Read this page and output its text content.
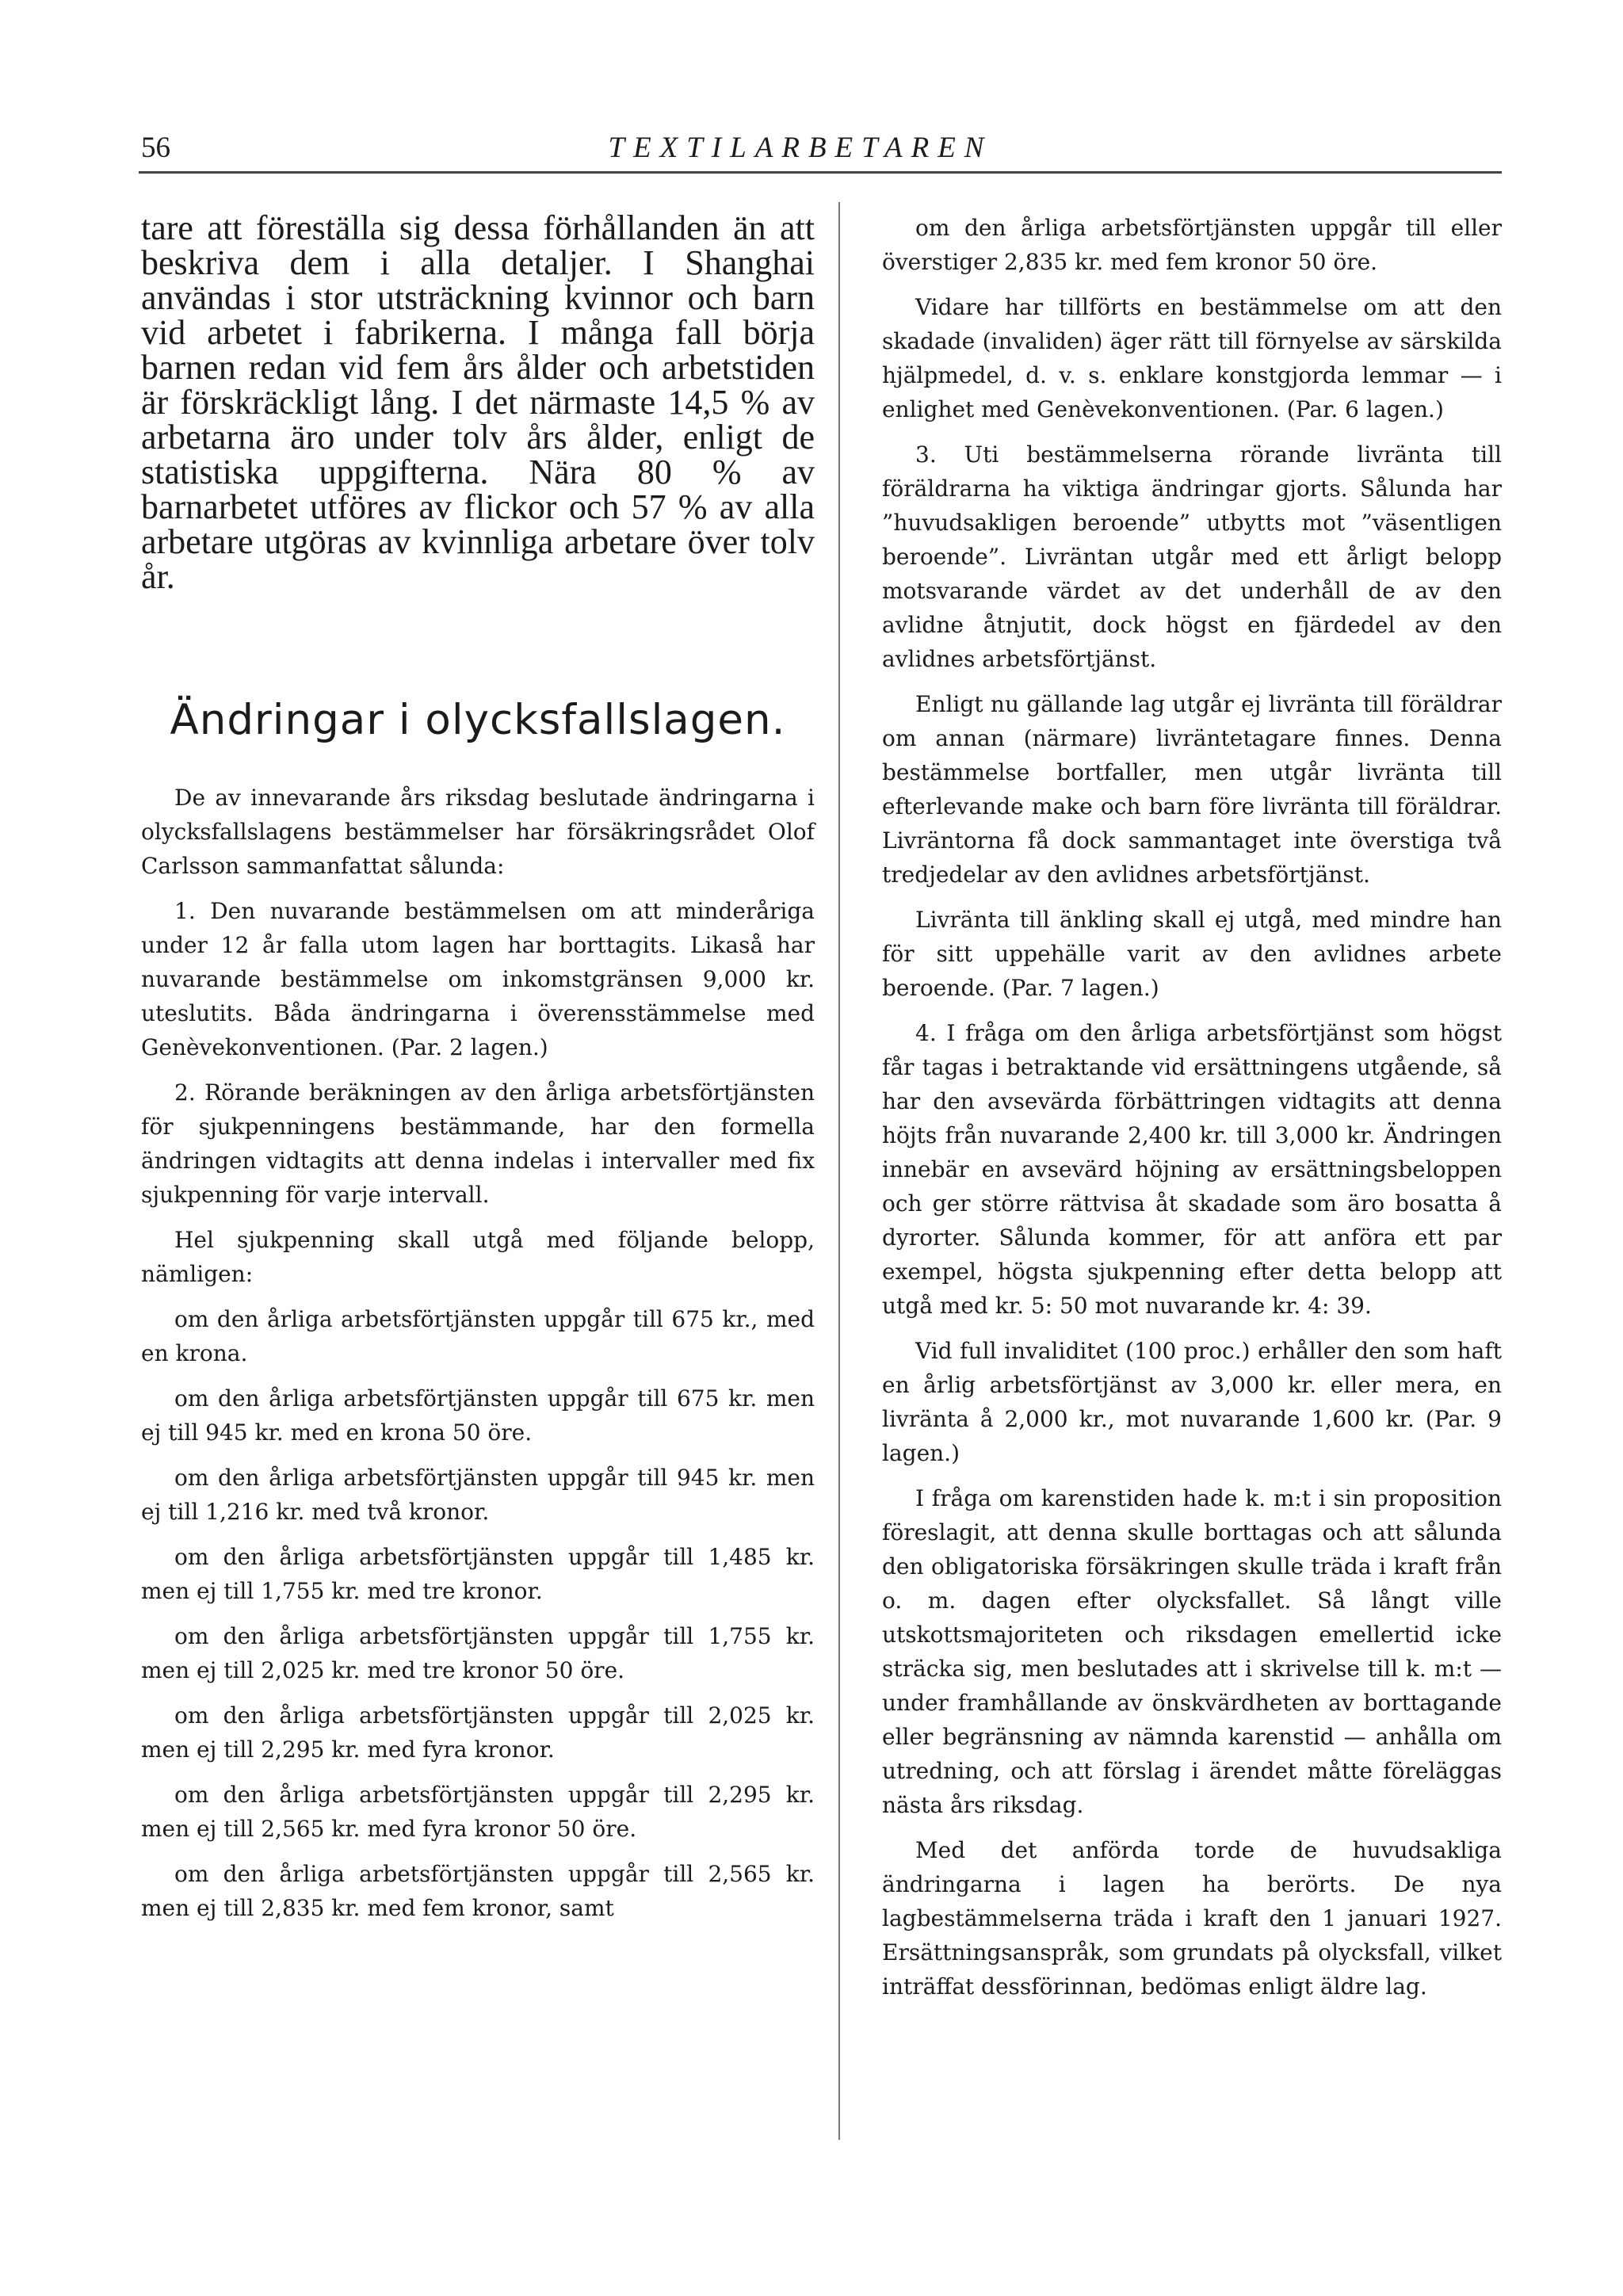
56	TEXTILARBETAREN

tare att föreställa sig dessa förhållanden än att beskriva dem i alla detaljer. I Shanghai användas i stor utsträckning kvinnor och barn vid arbetet i fabrikerna. I många fall börja barnen redan vid fem års ålder och arbetstiden är förskräckligt lång. I det närmaste 14,5 % av arbetarna äro under tolv års ålder, enligt de statistiska uppgifterna. Nära 80 % av barnarbetet utföres av flickor och 57 % av alla arbetare utgöras av kvinnliga arbetare över tolv år.

Ändringar i olycksfallslagen.

De av innevarande års riksdag beslutade ändringarna i olycksfallslagens bestämmelser har försäkringsrådet Olof Carlsson sammanfattat sålunda:

1. Den nuvarande bestämmelsen om att minderåriga under 12 år falla utom lagen har borttagits. Likaså har nuvarande bestämmelse om inkomstgränsen 9,000 kr. uteslutits. Båda ändringarna i överensstämmelse med Genèvekonventionen. (Par. 2 lagen.)

2. Rörande beräkningen av den årliga arbetsförtjänsten för sjukpenningens bestämmande, har den formella ändringen vidtagits att denna indelas i intervaller med fix sjukpenning för varje intervall.

Hel sjukpenning skall utgå med följande belopp, nämligen:

om den årliga arbetsförtjänsten uppgår till 675 kr., med en krona.

om den årliga arbetsförtjänsten uppgår till 675 kr. men ej till 945 kr. med en krona 50 öre.

om den årliga arbetsförtjänsten uppgår till 945 kr. men ej till 1,216 kr. med två kronor.

om den årliga arbetsförtjänsten uppgår till 1,485 kr. men ej till 1,755 kr. med tre kronor.

om den årliga arbetsförtjänsten uppgår till 1,755 kr. men ej till 2,025 kr. med tre kronor 50 öre.

om den årliga arbetsförtjänsten uppgår till 2,025 kr. men ej till 2,295 kr. med fyra kronor.

om den årliga arbetsförtjänsten uppgår till 2,295 kr. men ej till 2,565 kr. med fyra kronor 50 öre.

om den årliga arbetsförtjänsten uppgår till 2,565 kr. men ej till 2,835 kr. med fem kronor, samt

om den årliga arbetsförtjänsten uppgår till eller överstiger 2,835 kr. med fem kronor 50 öre.

Vidare har tillförts en bestämmelse om att den skadade (invaliden) äger rätt till förnyelse av särskilda hjälpmedel, d. v. s. enklare konstgjorda lemmar — i enlighet med Genèvekonventionen. (Par. 6 lagen.)

3. Uti bestämmelserna rörande livränta till föräldrarna ha viktiga ändringar gjorts. Sålunda har ”huvudsakligen beroende” utbytts mot ”väsentligen beroende”. Livräntan utgår med ett årligt belopp motsvarande värdet av det underhåll de av den avlidne åtnjutit, dock högst en fjärdedel av den avlidnes arbetsförtjänst.

Enligt nu gällande lag utgår ej livränta till föräldrar om annan (närmare) livräntetagare finnes. Denna bestämmelse bortfaller, men utgår livränta till efterlevande make och barn före livränta till föräldrar. Livräntorna få dock sammantaget inte överstiga två tredjedelar av den avlidnes arbetsförtjänst.

Livränta till änkling skall ej utgå, med mindre han för sitt uppehälle varit av den avlidnes arbete beroende. (Par. 7 lagen.)

4. I fråga om den årliga arbetsförtjänst som högst får tagas i betraktande vid ersättningens utgående, så har den avsevärda förbättringen vidtagits att denna höjts från nuvarande 2,400 kr. till 3,000 kr. Ändringen innebär en avsevärd höjning av ersättningsbeloppen och ger större rättvisa åt skadade som äro bosatta å dyrorter. Sålunda kommer, för att anföra ett par exempel, högsta sjukpenning efter detta belopp att utgå med kr. 5: 50 mot nuvarande kr. 4: 39.

Vid full invaliditet (100 proc.) erhåller den som haft en årlig arbetsförtjänst av 3,000 kr. eller mera, en livränta å 2,000 kr., mot nuvarande 1,600 kr. (Par. 9 lagen.)

I fråga om karenstiden hade k. m:t i sin proposition föreslagit, att denna skulle borttagas och att sålunda den obligatoriska försäkringen skulle träda i kraft från o. m. dagen efter olycksfallet. Så långt ville utskottsmajoriteten och riksdagen emellertid icke sträcka sig, men beslutades att i skrivelse till k. m:t — under framhållande av önskvärdheten av borttagande eller begränsning av nämnda karenstid — anhålla om utredning, och att förslag i ärendet måtte föreläggas nästa års riksdag.

Med det anförda torde de huvudsakliga ändringarna i lagen ha berörts. De nya lagbestämmelserna träda i kraft den 1 januari 1927. Ersättningsanspråk, som grundats på olycksfall, vilket inträffat dessförinnan, bedömas enligt äldre lag.
